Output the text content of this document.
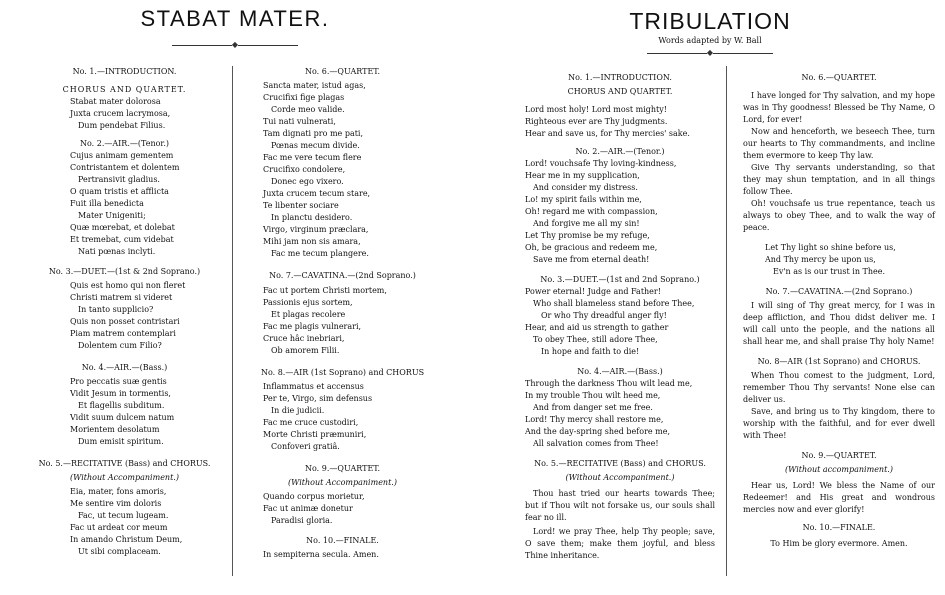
STABAT MATER.
◆
No. 1.—INTRODUCTION.
CHORUS AND QUARTET.
Stabat mater dolorosa
Juxta crucem lacrymosa,
Dum pendebat Filius.
No. 2.—AIR.—(Tenor.)
Cujus animam gementem
Contristantem et dolentem
Pertransivit gladius.
O quam tristis et afflicta
Fuit illa benedicta
Mater Unigeniti;
Quæ mœrebat, et dolebat
Et tremebat, cum videbat
Nati pœnas inclyti.
No. 3.—DUET.—(1st & 2nd Soprano.)
Quis est homo qui non fleret
Christi matrem si videret
In tanto supplicio?
Quis non posset contristari
Piam matrem contemplari
Dolentem cum Filio?
No. 4.—AIR.—(Bass.)
Pro peccatis suæ gentis
Vidit Jesum in tormentis,
Et flagellis subditum.
Vidit suum dulcem natum
Morientem desolatum
Dum emisit spiritum.
No. 5.—RECITATIVE (Bass) and CHORUS.
(Without Accompaniment.)
Eia, mater, fons amoris,
Me sentire vim doloris
Fac, ut tecum lugeam.
Fac ut ardeat cor meum
In amando Christum Deum,
Ut sibi complaceam.
No. 6.—QUARTET.
Sancta mater, istud agas,
Crucifixi fige plagas
Corde meo valide.
Tui nati vulnerati,
Tam dignati pro me pati,
Pœnas mecum divide.
Fac me vere tecum flere
Crucifixo condolere,
Donec ego vixero.
Juxta crucem tecum stare,
Te libenter sociare
In planctu desidero.
Virgo, virginum præclara,
Mihi jam non sis amara,
Fac me tecum plangere.
No. 7.—CAVATINA.—(2nd Soprano.)
Fac ut portem Christi mortem,
Passionis ejus sortem,
Et plagas recolere
Fac me plagis vulnerari,
Cruce hâc inebriari,
Ob amorem Filii.
No. 8.—AIR (1st Soprano) and CHORUS
Inflammatus et accensus
Per te, Virgo, sim defensus
In die judicii.
Fac me cruce custodiri,
Morte Christi præmuniri,
Confoveri gratiâ.
No. 9.—QUARTET.
(Without Accompaniment.)
Quando corpus morietur,
Fac ut animæ donetur
Paradisi gloria.
No. 10.—FINALE.
In sempiterna secula. Amen.
TRIBULATION
Words adapted by W. Ball
◆
No. 1.—INTRODUCTION.
CHORUS AND QUARTET.
Lord most holy! Lord most mighty!
Righteous ever are Thy judgments.
Hear and save us, for Thy mercies' sake.
No. 2.—AIR.—(Tenor.)
Lord! vouchsafe Thy loving-kindness,
Hear me in my supplication,
And consider my distress.
Lo! my spirit fails within me,
Oh! regard me with compassion,
And forgive me all my sin!
Let Thy promise be my refuge,
Oh, be gracious and redeem me,
Save me from eternal death!
No. 3.—DUET.—(1st and 2nd Soprano.)
Power eternal! Judge and Father!
Who shall blameless stand before Thee,
Or who Thy dreadful anger fly!
Hear, and aid us strength to gather
To obey Thee, still adore Thee,
In hope and faith to die!
No. 4.—AIR.—(Bass.)
Through the darkness Thou wilt lead me,
In my trouble Thou wilt heed me,
And from danger set me free.
Lord! Thy mercy shall restore me,
And the day-spring shed before me,
All salvation comes from Thee!
No. 5.—RECITATIVE (Bass) and CHORUS.
(Without Accompaniment.)
Thou hast tried our hearts towards Thee; but if Thou wilt not forsake us, our souls shall fear no ill.
Lord! we pray Thee, help Thy people; save, O save them; make them joyful, and bless Thine inheritance.
No. 6.—QUARTET.
I have longed for Thy salvation, and my hope was in Thy goodness! Blessed be Thy Name, O Lord, for ever!
Now and henceforth, we beseech Thee, turn our hearts to Thy commandments, and incline them evermore to keep Thy law.
Give Thy servants understanding, so that they may shun temptation, and in all things follow Thee.
Oh! vouchsafe us true repentance, teach us always to obey Thee, and to walk the way of peace.
Let Thy light so shine before us,
And Thy mercy be upon us,
Ev'n as is our trust in Thee.
No. 7.—CAVATINA.—(2nd Soprano.)
I will sing of Thy great mercy, for I was in deep affliction, and Thou didst deliver me. I will call unto the people, and the nations all shall hear me, and shall praise Thy holy Name!
No. 8—AIR (1st Soprano) and CHORUS.
When Thou comest to the judgment, Lord, remember Thou Thy servants! None else can deliver us.
Save, and bring us to Thy kingdom, there to worship with the faithful, and for ever dwell with Thee!
No. 9.—QUARTET.
(Without accompaniment.)
Hear us, Lord! We bless the Name of our Redeemer! and His great and wondrous mercies now and ever glorify!
No. 10.—FINALE.
To Him be glory evermore. Amen.
